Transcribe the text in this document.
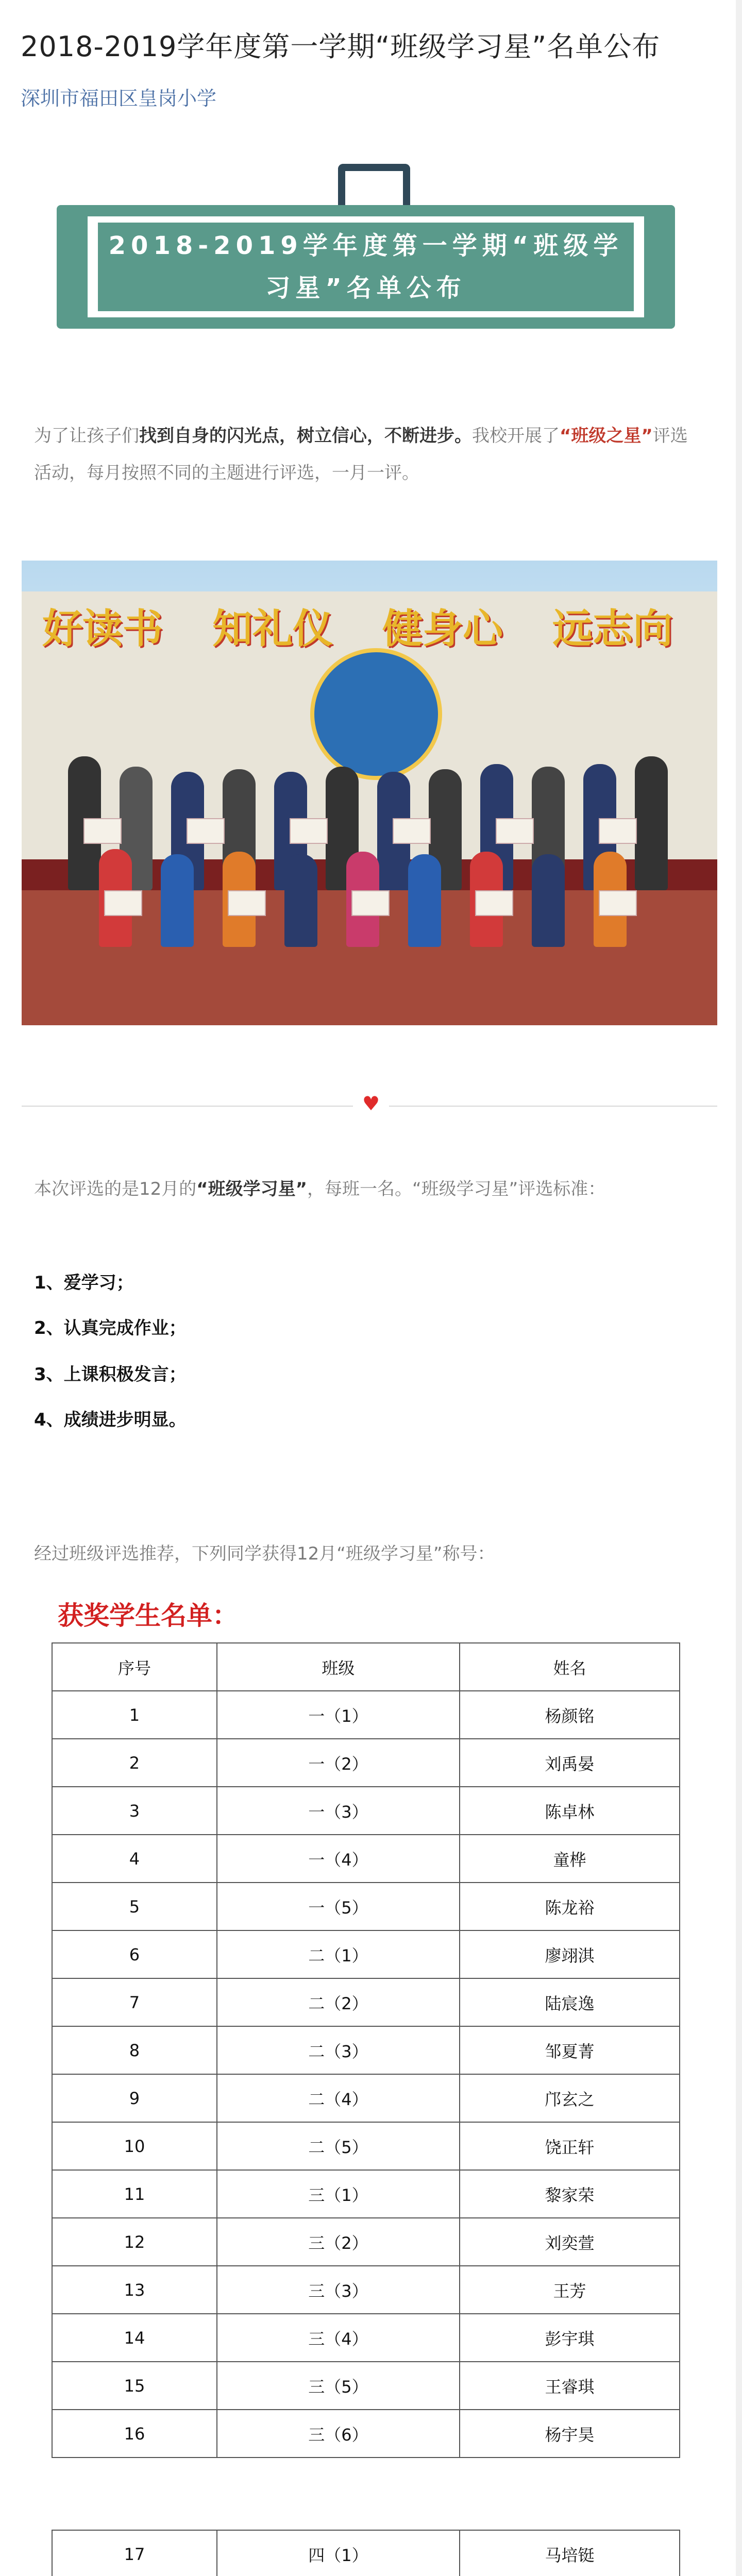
2018-2019学年度第一学期“班级学习星”名单公布
深圳市福田区皇岗小学
2018-2019学年度第一学期“班级学
习星”名单公布
为了让孩子们找到自身的闪光点，树立信心，不断进步。我校开展了“班级之星”评选活动，每月按照不同的主题进行评选，一月一评。
好读书 知礼仪 健身心 远志向
♥
本次评选的是12月的“班级学习星”，每班一名。“班级学习星”评选标准：
1、爱学习；
2、认真完成作业；
3、上课积极发言；
4、成绩进步明显。
经过班级评选推荐，下列同学获得12月“班级学习星”称号：
获奖学生名单：
序号	班级	姓名
1	一（1）	杨颜铭
2	一（2）	刘禹晏
3	一（3）	陈卓林
4	一（4）	童桦
5	一（5）	陈龙裕
6	二（1）	廖翊淇
7	二（2）	陆宸逸
8	二（3）	邹夏菁
9	二（4）	邝玄之
10	二（5）	饶正轩
11	三（1）	黎家荣
12	三（2）	刘奕萱
13	三（3）	王芳
14	三（4）	彭宇琪
15	三（5）	王睿琪
16	三（6）	杨宇昊
17	四（1）	马培铤
